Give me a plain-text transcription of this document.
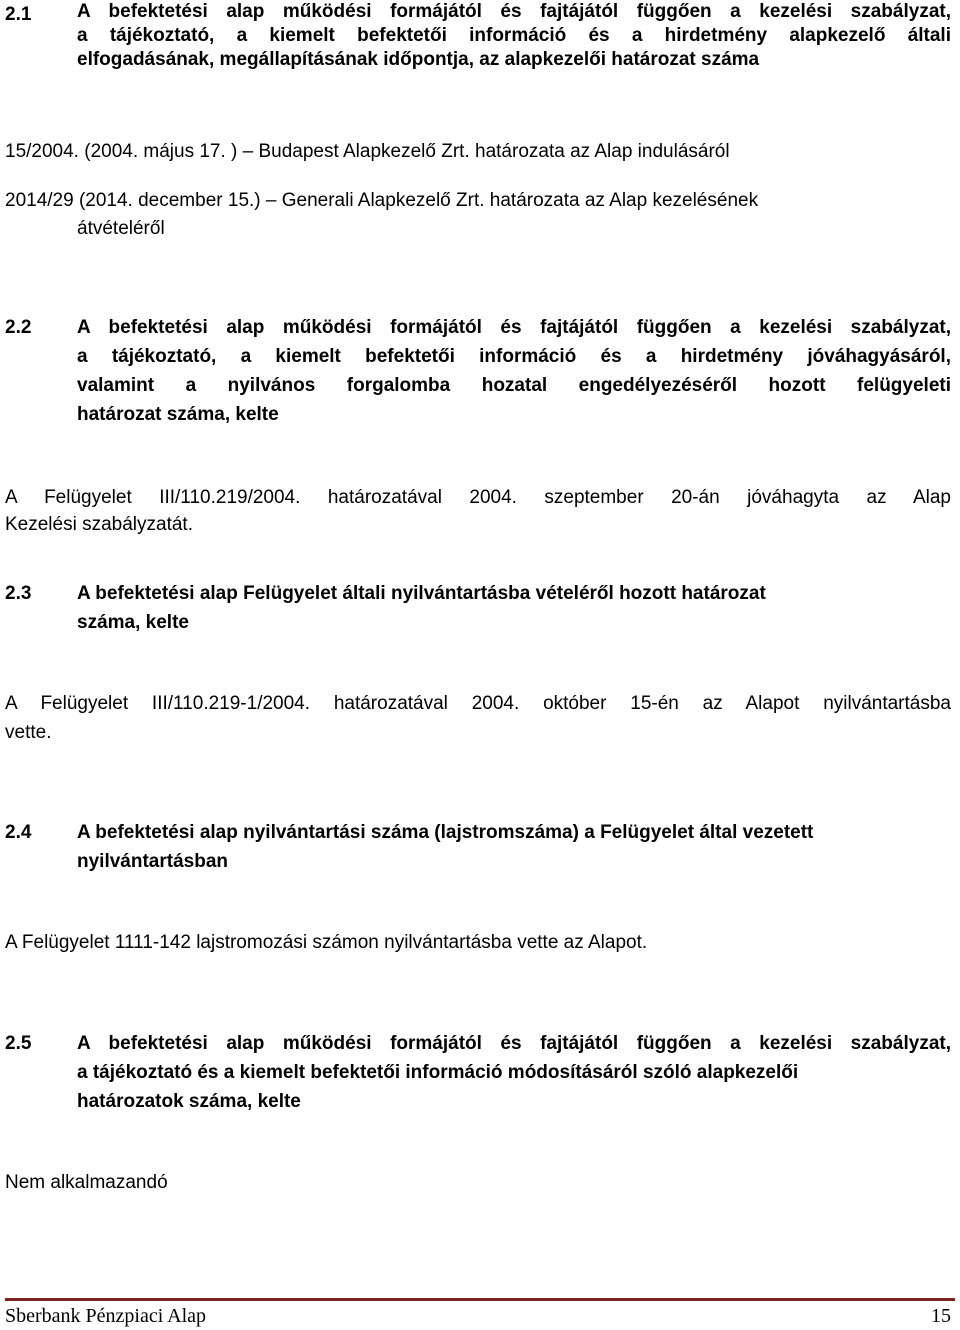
2.1 A befektetési alap működési formájától és fajtájától függően a kezelési szabályzat,
a tájékoztató, a kiemelt befektetői információ és a hirdetmény alapkezelő általi
elfogadásának, megállapításának időpontja, az alapkezelői határozat száma
15/2004. (2004. május 17. ) – Budapest Alapkezelő Zrt. határozata az Alap indulásáról
2014/29 (2014. december 15.) – Generali Alapkezelő Zrt. határozata az Alap kezelésének
átvételéről
2.2 A befektetési alap működési formájától és fajtájától függően a kezelési szabályzat,
a tájékoztató, a kiemelt befektetői információ és a hirdetmény jóváhagyásáról,
valamint a nyilvános forgalomba hozatal engedélyezéséről hozott felügyeleti
határozat száma, kelte
A Felügyelet III/110.219/2004. határozatával 2004. szeptember 20-án jóváhagyta az Alap
Kezelési szabályzatát.
2.3 A befektetési alap Felügyelet általi nyilvántartásba vételéről hozott határozat
száma, kelte
A Felügyelet III/110.219-1/2004. határozatával 2004. október 15-én az Alapot nyilvántartásba
vette.
2.4 A befektetési alap nyilvántartási száma (lajstromszáma) a Felügyelet által vezetett
nyilvántartásban
A Felügyelet 1111-142 lajstromozási számon nyilvántartásba vette az Alapot.
2.5 A befektetési alap működési formájától és fajtájától függően a kezelési szabályzat,
a tájékoztató és a kiemelt befektetői információ módosításáról szóló alapkezelői
határozatok száma, kelte
Nem alkalmazandó
Sberbank Pénzpiaci Alap	15
